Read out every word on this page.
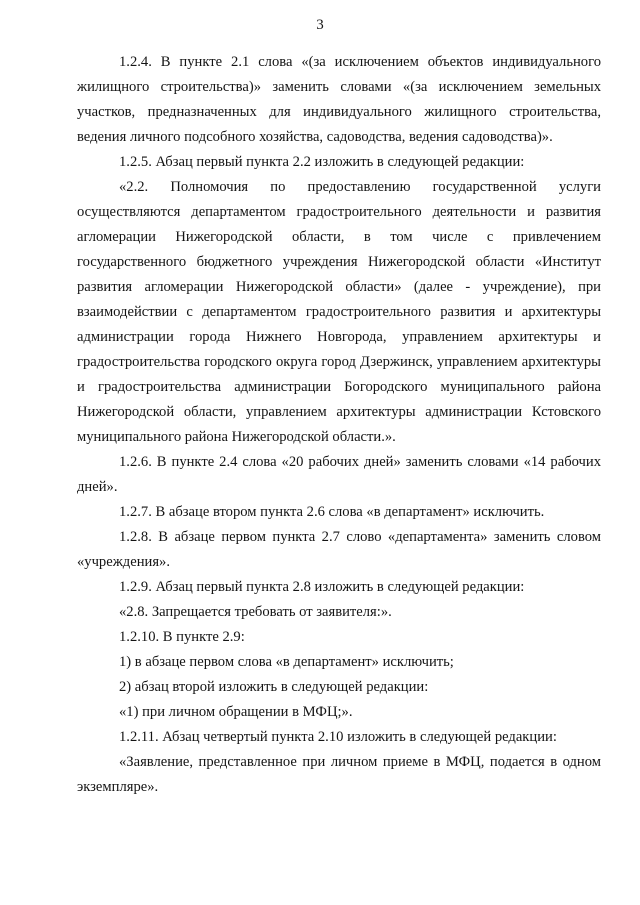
3

1.2.4. В пункте 2.1 слова «(за исключением объектов индивидуального жилищного строительства)» заменить словами «(за исключением земельных участков, предназначенных для индивидуального жилищного строительства, ведения личного подсобного хозяйства, садоводства, ведения садоводства)».

1.2.5. Абзац первый пункта 2.2 изложить в следующей редакции:

«2.2. Полномочия по предоставлению государственной услуги осуществляются департаментом градостроительного деятельности и развития агломерации Нижегородской области, в том числе с привлечением государственного бюджетного учреждения Нижегородской области «Институт развития агломерации Нижегородской области» (далее - учреждение), при взаимодействии с департаментом градостроительного развития и архитектуры администрации города Нижнего Новгорода, управлением архитектуры и градостроительства городского округа город Дзержинск, управлением архитектуры и градостроительства администрации Богородского муниципального района Нижегородской области, управлением архитектуры администрации Кстовского муниципального района Нижегородской области.».

1.2.6. В пункте 2.4 слова «20 рабочих дней» заменить словами «14 рабочих дней».

1.2.7. В абзаце втором пункта 2.6 слова «в департамент» исключить.

1.2.8. В абзаце первом пункта 2.7 слово «департамента» заменить словом «учреждения».

1.2.9. Абзац первый пункта 2.8 изложить в следующей редакции:

«2.8. Запрещается требовать от заявителя:».

1.2.10. В пункте 2.9:

1) в абзаце первом слова «в департамент» исключить;

2) абзац второй изложить в следующей редакции:

«1) при личном обращении в МФЦ;».

1.2.11. Абзац четвертый пункта 2.10 изложить в следующей редакции:

«Заявление, представленное при личном приеме в МФЦ, подается в одном экземпляре».
